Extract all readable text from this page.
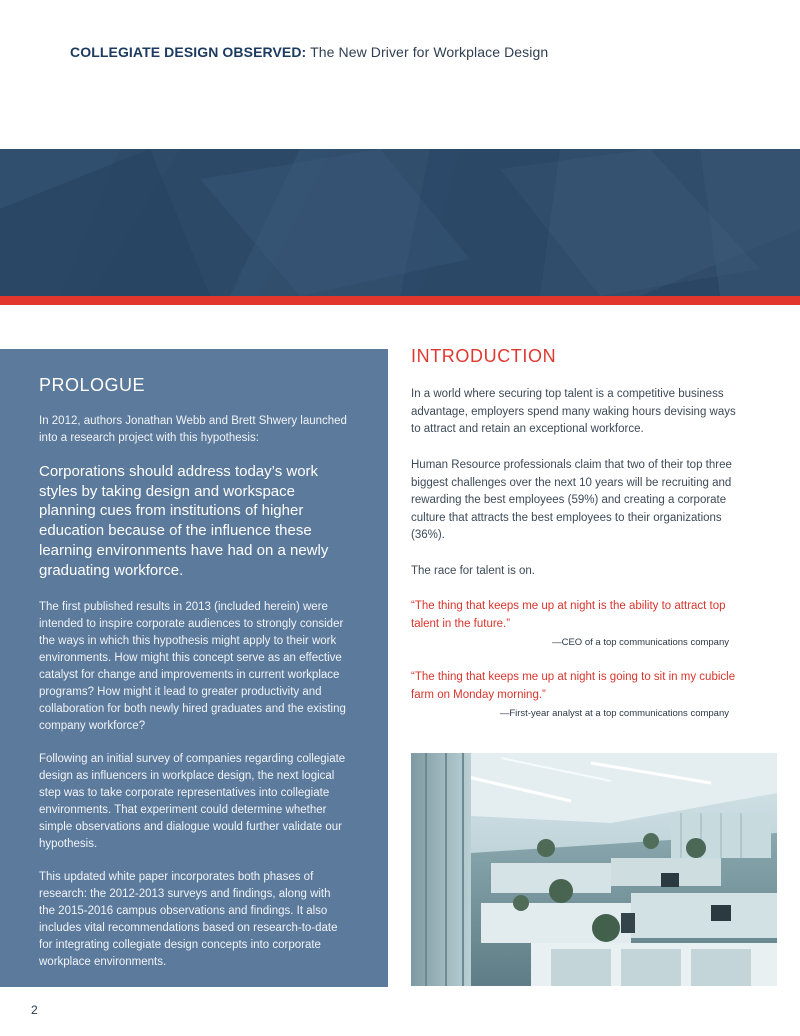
COLLEGIATE DESIGN OBSERVED: The New Driver for Workplace Design
PROLOGUE
In 2012, authors Jonathan Webb and Brett Shwery launched into a research project with this hypothesis:
Corporations should address today’s work styles by taking design and workspace planning cues from institutions of higher education because of the influence these learning environments have had on a newly graduating workforce.
The first published results in 2013 (included herein) were intended to inspire corporate audiences to strongly consider the ways in which this hypothesis might apply to their work environments. How might this concept serve as an effective catalyst for change and improvements in current workplace programs? How might it lead to greater productivity and collaboration for both newly hired graduates and the existing company workforce?
Following an initial survey of companies regarding collegiate design as influencers in workplace design, the next logical step was to take corporate representatives into collegiate environments. That experiment could determine whether simple observations and dialogue would further validate our hypothesis.
This updated white paper incorporates both phases of research: the 2012-2013 surveys and findings, along with the 2015-2016 campus observations and findings. It also includes vital recommendations based on research-to-date for integrating collegiate design concepts into corporate workplace environments.
INTRODUCTION
In a world where securing top talent is a competitive business advantage, employers spend many waking hours devising ways to attract and retain an exceptional workforce.
Human Resource professionals claim that two of their top three biggest challenges over the next 10 years will be recruiting and rewarding the best employees (59%) and creating a corporate culture that attracts the best employees to their organizations (36%).
The race for talent is on.
“The thing that keeps me up at night is the ability to attract top talent in the future.”
—CEO of a top communications company
“The thing that keeps me up at night is going to sit in my cubicle farm on Monday morning.”
—First-year analyst at a top communications company
2
